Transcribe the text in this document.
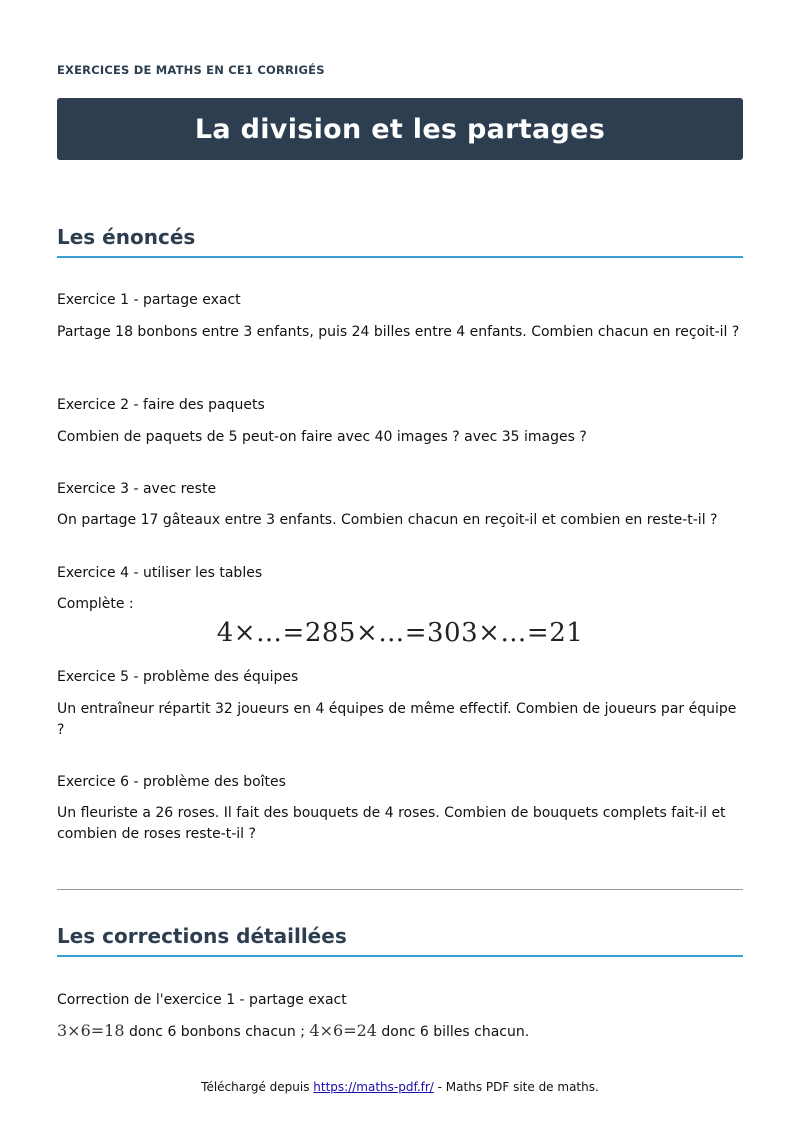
EXERCICES DE MATHS EN CE1 CORRIGÉS
La division et les partages
Les énoncés
Exercice 1 - partage exact
Partage 18 bonbons entre 3 enfants, puis 24 billes entre 4 enfants. Combien chacun en reçoit-il ?
Exercice 2 - faire des paquets
Combien de paquets de 5 peut-on faire avec 40 images ? avec 35 images ?
Exercice 3 - avec reste
On partage 17 gâteaux entre 3 enfants. Combien chacun en reçoit-il et combien en reste-t-il ?
Exercice 4 - utiliser les tables
Complète :
4×…=285×…=303×…=21
Exercice 5 - problème des équipes
Un entraîneur répartit 32 joueurs en 4 équipes de même effectif. Combien de joueurs par équipe ?
Exercice 6 - problème des boîtes
Un fleuriste a 26 roses. Il fait des bouquets de 4 roses. Combien de bouquets complets fait-il et combien de roses reste-t-il ?
Les corrections détaillées
Correction de l'exercice 1 - partage exact
3×6=18 donc 6 bonbons chacun ; 4×6=24 donc 6 billes chacun.
Téléchargé depuis https://maths-pdf.fr/ - Maths PDF site de maths.
